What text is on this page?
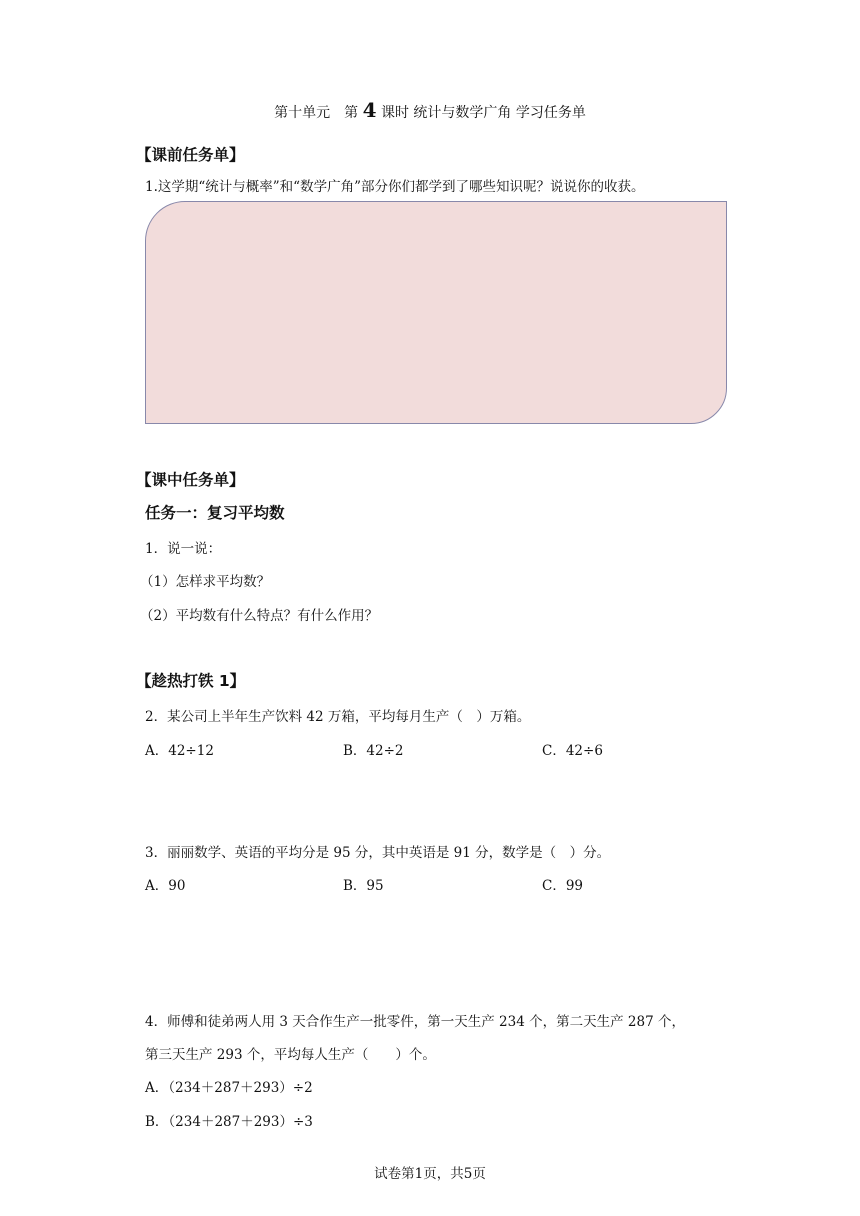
第十单元　第 4 课时 统计与数学广角 学习任务单
【课前任务单】
1.这学期“统计与概率”和“数学广角”部分你们都学到了哪些知识呢？说说你的收获。
【课中任务单】
任务一：复习平均数
1．说一说：
（1）怎样求平均数？
（2）平均数有什么特点？有什么作用？
【趁热打铁 1】
2．某公司上半年生产饮料 42 万箱，平均每月生产（　）万箱。
A．42÷12	B．42÷2	C．42÷6
3．丽丽数学、英语的平均分是 95 分，其中英语是 91 分，数学是（　）分。
A．90	B．95	C．99
4．师傅和徒弟两人用 3 天合作生产一批零件，第一天生产 234 个，第二天生产 287 个，
第三天生产 293 个，平均每人生产（　　）个。
A．（234＋287＋293）÷2
B．（234＋287＋293）÷3
试卷第1页，共5页
